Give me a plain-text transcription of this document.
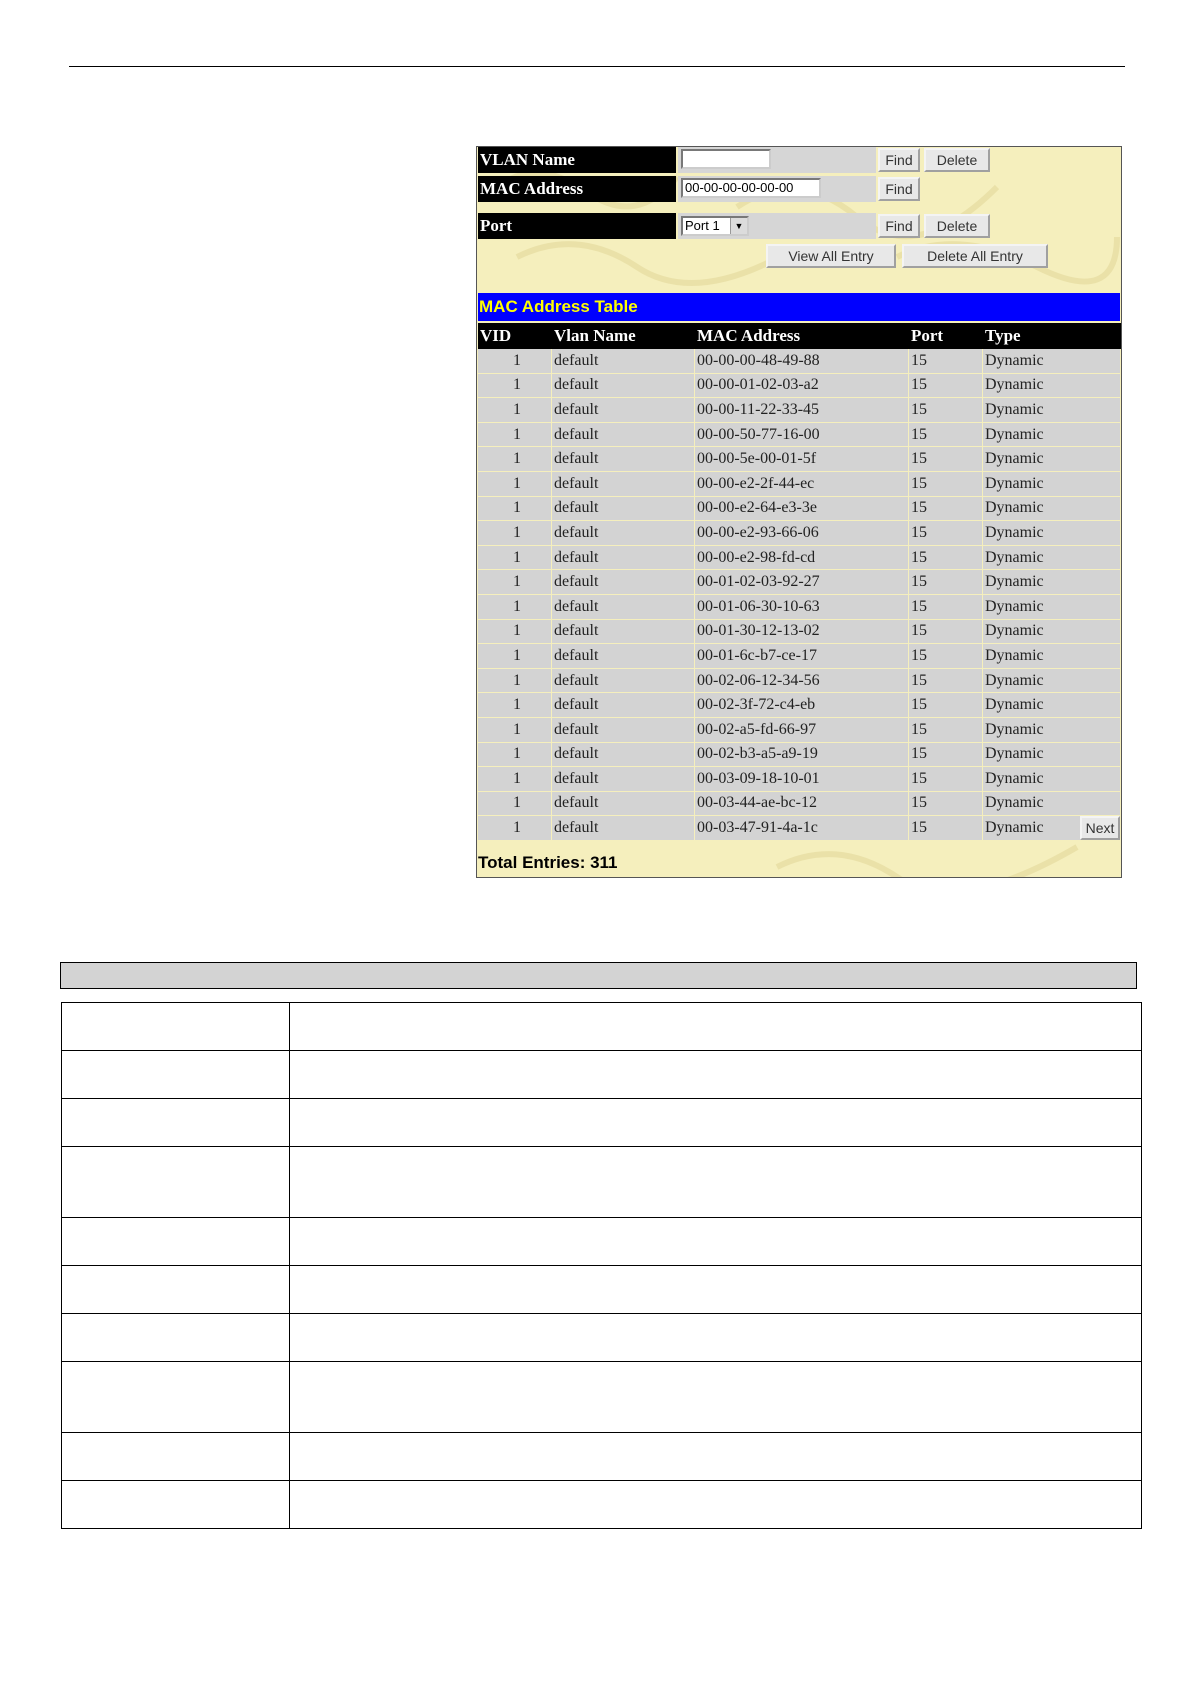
VLAN Name	Find	Delete
MAC Address	00-00-00-00-00-00	Find
Port	Port 1	▼	Find	Delete
View All Entry	Delete All Entry
MAC Address Table
VID	Vlan Name	MAC Address	Port	Type
1	default	00-00-00-48-49-88	15	Dynamic
1	default	00-00-01-02-03-a2	15	Dynamic
1	default	00-00-11-22-33-45	15	Dynamic
1	default	00-00-50-77-16-00	15	Dynamic
1	default	00-00-5e-00-01-5f	15	Dynamic
1	default	00-00-e2-2f-44-ec	15	Dynamic
1	default	00-00-e2-64-e3-3e	15	Dynamic
1	default	00-00-e2-93-66-06	15	Dynamic
1	default	00-00-e2-98-fd-cd	15	Dynamic
1	default	00-01-02-03-92-27	15	Dynamic
1	default	00-01-06-30-10-63	15	Dynamic
1	default	00-01-30-12-13-02	15	Dynamic
1	default	00-01-6c-b7-ce-17	15	Dynamic
1	default	00-02-06-12-34-56	15	Dynamic
1	default	00-02-3f-72-c4-eb	15	Dynamic
1	default	00-02-a5-fd-66-97	15	Dynamic
1	default	00-02-b3-a5-a9-19	15	Dynamic
1	default	00-03-09-18-10-01	15	Dynamic
1	default	00-03-44-ae-bc-12	15	Dynamic
1	default	00-03-47-91-4a-1c	15	Dynamic	Next
Total Entries: 311
